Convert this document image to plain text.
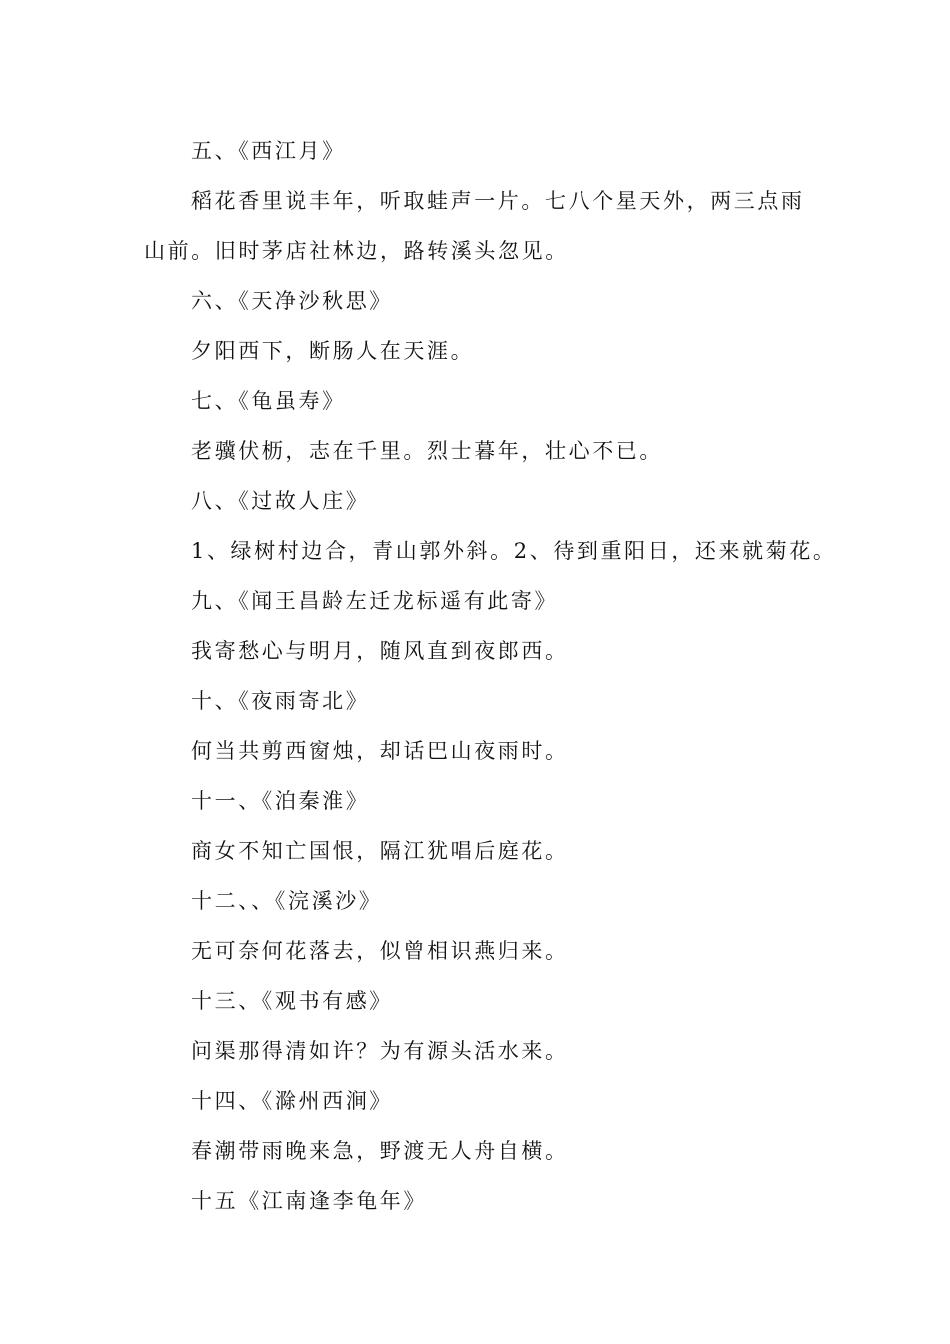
五、《西江月》

稻花香里说丰年，听取蛙声一片。七八个星天外，两三点雨山前。旧时茅店社林边，路转溪头忽见。

六、《天净沙秋思》

夕阳西下，断肠人在天涯。

七、《龟虽寿》

老骥伏枥，志在千里。烈士暮年，壮心不已。

八、《过故人庄》

1、绿树村边合，青山郭外斜。2、待到重阳日，还来就菊花。

九、《闻王昌龄左迁龙标遥有此寄》

我寄愁心与明月，随风直到夜郎西。

十、《夜雨寄北》

何当共剪西窗烛，却话巴山夜雨时。

十一、《泊秦淮》

商女不知亡国恨，隔江犹唱后庭花。

十二、、《浣溪沙》

无可奈何花落去，似曾相识燕归来。

十三、《观书有感》

问渠那得清如许？为有源头活水来。

十四、《滁州西涧》

春潮带雨晚来急，野渡无人舟自横。

十五《江南逢李龟年》
